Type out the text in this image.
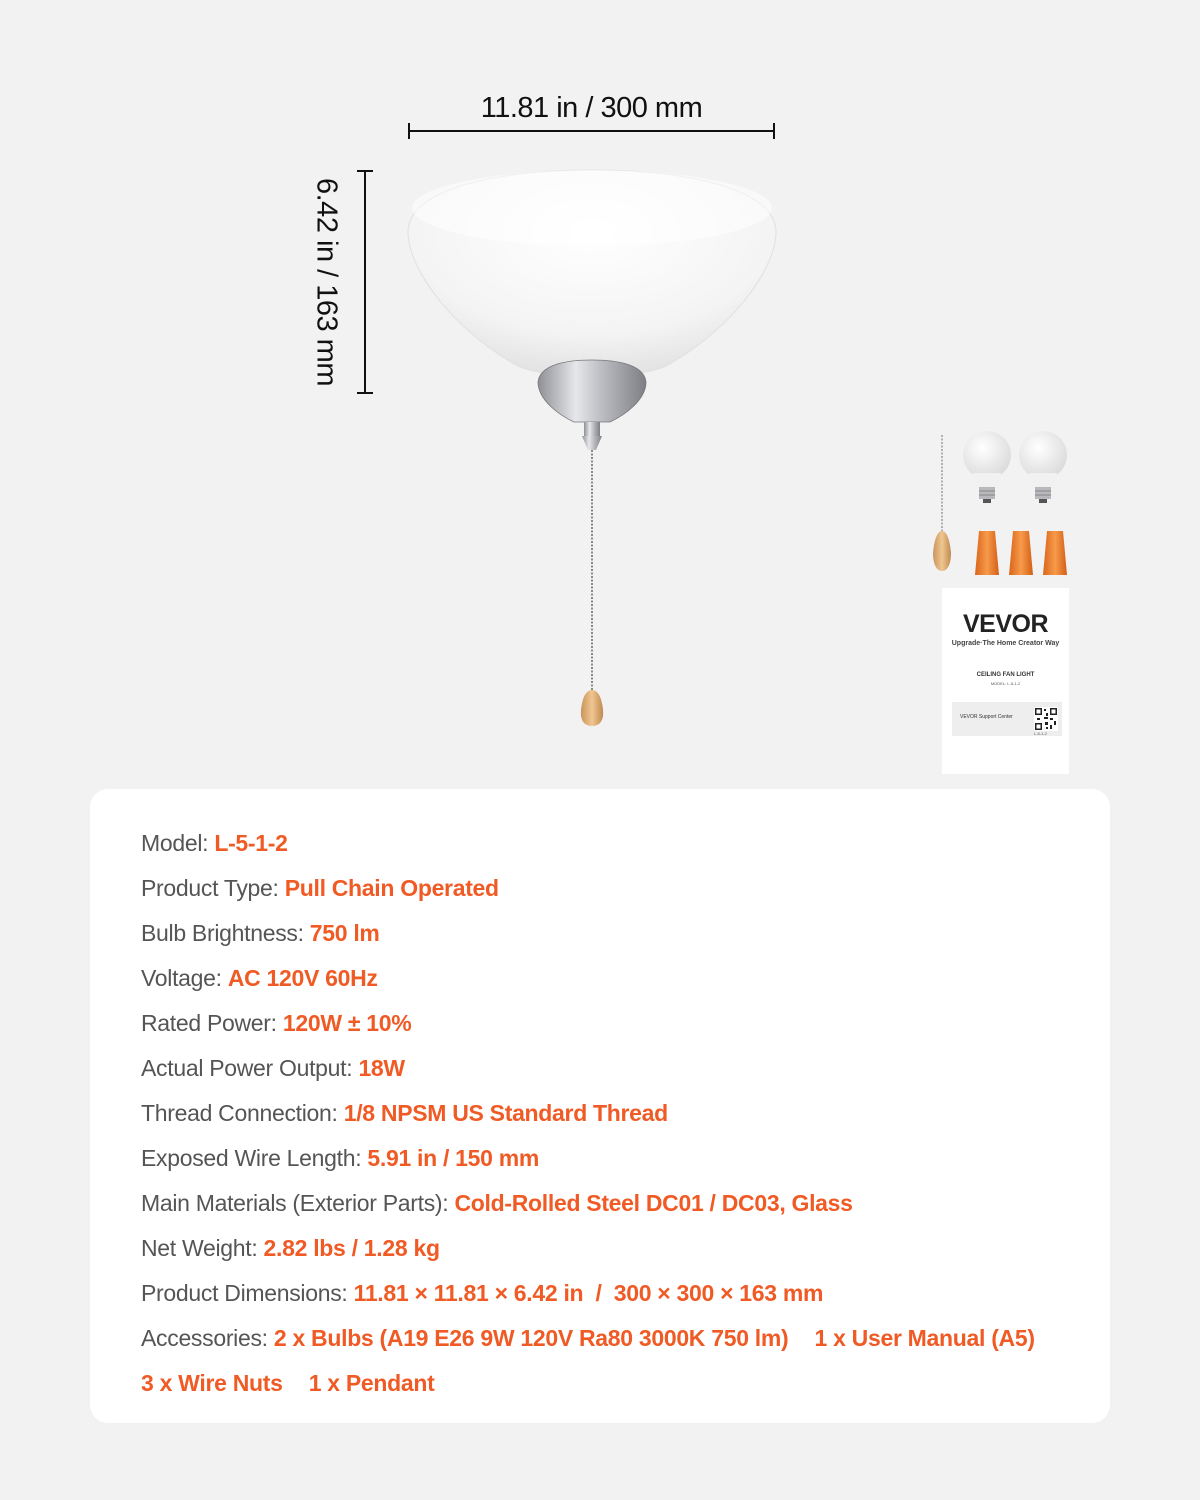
11.81 in / 300 mm
6.42 in / 163 mm
VEVOR
Upgrade·The Home Creator Way
CEILING FAN LIGHT
MODEL: L-5-1-2
VEVOR Support Center
L-5-1-2
Model: L-5-1-2
Product Type: Pull Chain Operated
Bulb Brightness: 750 lm
Voltage: AC 120V 60Hz
Rated Power: 120W ± 10%
Actual Power Output: 18W
Thread Connection: 1/8 NPSM US Standard Thread
Exposed Wire Length: 5.91 in / 150 mm
Main Materials (Exterior Parts): Cold-Rolled Steel DC01 / DC03, Glass
Net Weight: 2.82 lbs / 1.28 kg
Product Dimensions: 11.81 × 11.81 × 6.42 in  /  300 × 300 × 163 mm
Accessories: 2 x Bulbs (A19 E26 9W 120V Ra80 3000K 750 lm) 1 x User Manual (A5)
3 x Wire Nuts 1 x Pendant
